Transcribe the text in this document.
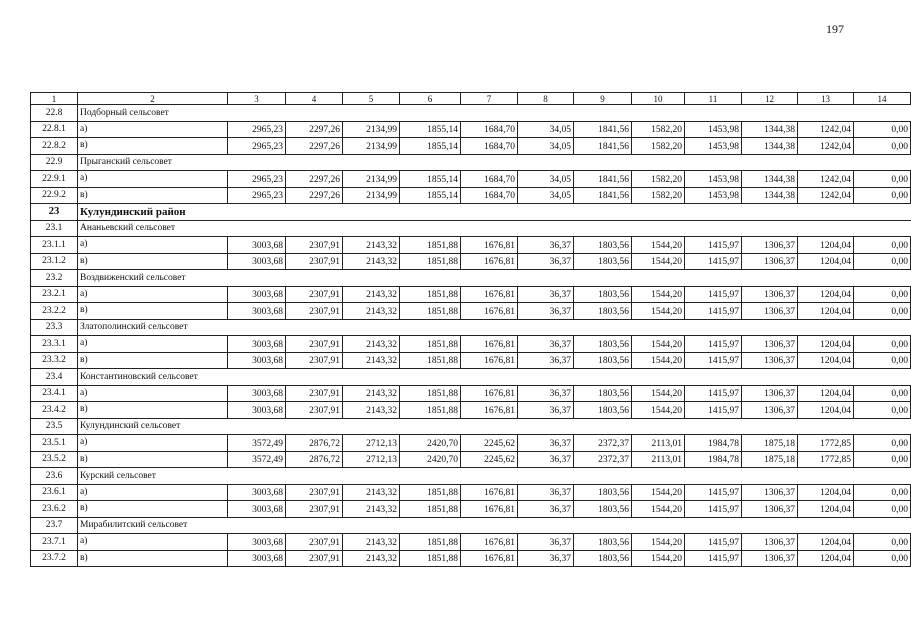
197
1	2	3	4	5	6	7	8	9	10	11	12	13	14
22.8	Подборный сельсовет												
22.8.1	а)	2965,23	2297,26	2134,99	1855,14	1684,70	34,05	1841,56	1582,20	1453,98	1344,38	1242,04	0,00
22.8.2	в)	2965,23	2297,26	2134,99	1855,14	1684,70	34,05	1841,56	1582,20	1453,98	1344,38	1242,04	0,00
22.9	Прыганский сельсовет												
22.9.1	а)	2965,23	2297,26	2134,99	1855,14	1684,70	34,05	1841,56	1582,20	1453,98	1344,38	1242,04	0,00
22.9.2	в)	2965,23	2297,26	2134,99	1855,14	1684,70	34,05	1841,56	1582,20	1453,98	1344,38	1242,04	0,00
23	Кулундинский район												
23.1	Ананьевский сельсовет												
23.1.1	а)	3003,68	2307,91	2143,32	1851,88	1676,81	36,37	1803,56	1544,20	1415,97	1306,37	1204,04	0,00
23.1.2	в)	3003,68	2307,91	2143,32	1851,88	1676,81	36,37	1803,56	1544,20	1415,97	1306,37	1204,04	0,00
23.2	Воздвиженский сельсовет												
23.2.1	а)	3003,68	2307,91	2143,32	1851,88	1676,81	36,37	1803,56	1544,20	1415,97	1306,37	1204,04	0,00
23.2.2	в)	3003,68	2307,91	2143,32	1851,88	1676,81	36,37	1803,56	1544,20	1415,97	1306,37	1204,04	0,00
23.3	Златополинский сельсовет												
23.3.1	а)	3003,68	2307,91	2143,32	1851,88	1676,81	36,37	1803,56	1544,20	1415,97	1306,37	1204,04	0,00
23.3.2	в)	3003,68	2307,91	2143,32	1851,88	1676,81	36,37	1803,56	1544,20	1415,97	1306,37	1204,04	0,00
23.4	Константиновский сельсовет												
23.4.1	а)	3003,68	2307,91	2143,32	1851,88	1676,81	36,37	1803,56	1544,20	1415,97	1306,37	1204,04	0,00
23.4.2	в)	3003,68	2307,91	2143,32	1851,88	1676,81	36,37	1803,56	1544,20	1415,97	1306,37	1204,04	0,00
23.5	Кулундинский сельсовет												
23.5.1	а)	3572,49	2876,72	2712,13	2420,70	2245,62	36,37	2372,37	2113,01	1984,78	1875,18	1772,85	0,00
23.5.2	в)	3572,49	2876,72	2712,13	2420,70	2245,62	36,37	2372,37	2113,01	1984,78	1875,18	1772,85	0,00
23.6	Курский сельсовет												
23.6.1	а)	3003,68	2307,91	2143,32	1851,88	1676,81	36,37	1803,56	1544,20	1415,97	1306,37	1204,04	0,00
23.6.2	в)	3003,68	2307,91	2143,32	1851,88	1676,81	36,37	1803,56	1544,20	1415,97	1306,37	1204,04	0,00
23.7	Мирабилитский сельсовет												
23.7.1	а)	3003,68	2307,91	2143,32	1851,88	1676,81	36,37	1803,56	1544,20	1415,97	1306,37	1204,04	0,00
23.7.2	в)	3003,68	2307,91	2143,32	1851,88	1676,81	36,37	1803,56	1544,20	1415,97	1306,37	1204,04	0,00
